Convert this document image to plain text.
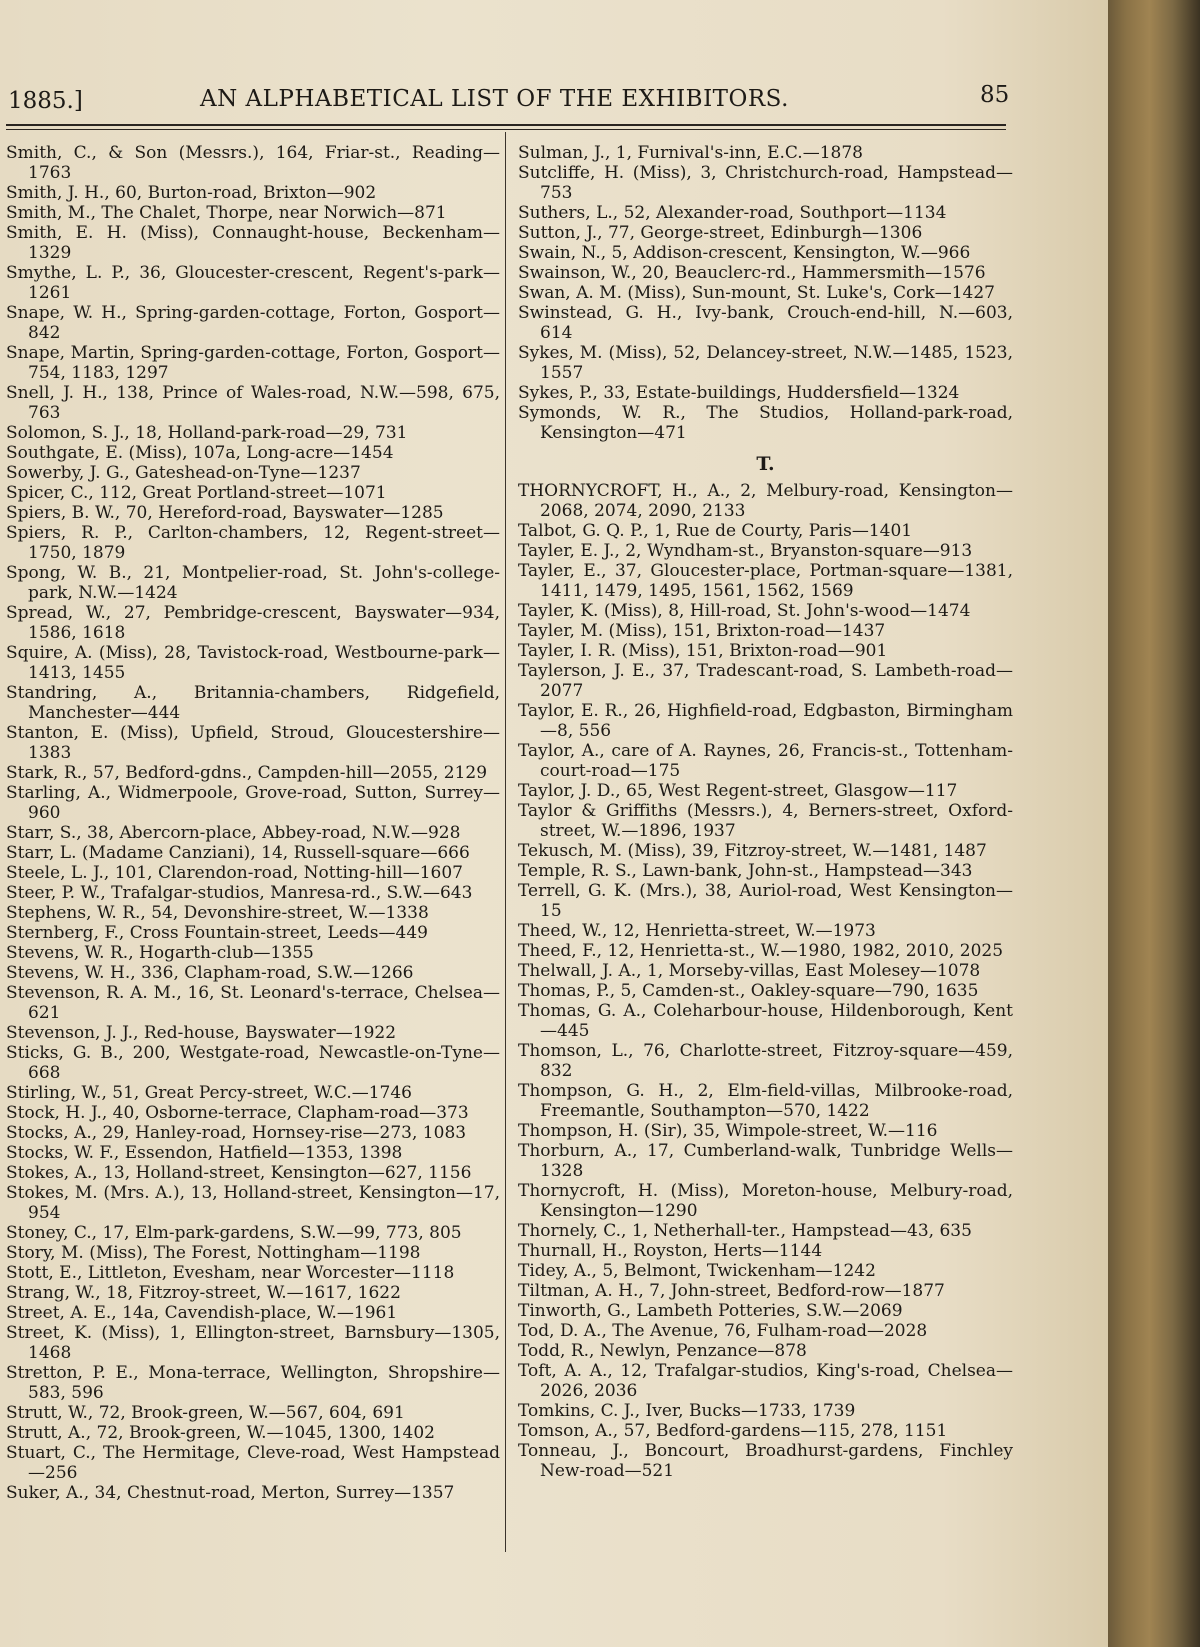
1885.]	AN ALPHABETICAL LIST OF THE EXHIBITORS.	85
Smith, C., & Son (Messrs.), 164, Friar-st., Reading—1763
Smith, J. H., 60, Burton-road, Brixton—902
Smith, M., The Chalet, Thorpe, near Norwich—871
Smith, E. H. (Miss), Connaught-house, Beckenham—1329
Smythe, L. P., 36, Gloucester-crescent, Regent's-park—1261
Snape, W. H., Spring-garden-cottage, Forton, Gosport—842
Snape, Martin, Spring-garden-cottage, Forton, Gosport—754, 1183, 1297
Snell, J. H., 138, Prince of Wales-road, N.W.—598, 675, 763
Solomon, S. J., 18, Holland-park-road—29, 731
Southgate, E. (Miss), 107a, Long-acre—1454
Sowerby, J. G., Gateshead-on-Tyne—1237
Spicer, C., 112, Great Portland-street—1071
Spiers, B. W., 70, Hereford-road, Bayswater—1285
Spiers, R. P., Carlton-chambers, 12, Regent-street—1750, 1879
Spong, W. B., 21, Montpelier-road, St. John's-college-park, N.W.—1424
Spread, W., 27, Pembridge-crescent, Bayswater—934, 1586, 1618
Squire, A. (Miss), 28, Tavistock-road, Westbourne-park—1413, 1455
Standring, A., Britannia-chambers, Ridgefield, Manchester—444
Stanton, E. (Miss), Upfield, Stroud, Gloucestershire—1383
Stark, R., 57, Bedford-gdns., Campden-hill—2055, 2129
Starling, A., Widmerpoole, Grove-road, Sutton, Surrey—960
Starr, S., 38, Abercorn-place, Abbey-road, N.W.—928
Starr, L. (Madame Canziani), 14, Russell-square—666
Steele, L. J., 101, Clarendon-road, Notting-hill—1607
Steer, P. W., Trafalgar-studios, Manresa-rd., S.W.—643
Stephens, W. R., 54, Devonshire-street, W.—1338
Sternberg, F., Cross Fountain-street, Leeds—449
Stevens, W. R., Hogarth-club—1355
Stevens, W. H., 336, Clapham-road, S.W.—1266
Stevenson, R. A. M., 16, St. Leonard's-terrace, Chelsea—621
Stevenson, J. J., Red-house, Bayswater—1922
Sticks, G. B., 200, Westgate-road, Newcastle-on-Tyne—668
Stirling, W., 51, Great Percy-street, W.C.—1746
Stock, H. J., 40, Osborne-terrace, Clapham-road—373
Stocks, A., 29, Hanley-road, Hornsey-rise—273, 1083
Stocks, W. F., Essendon, Hatfield—1353, 1398
Stokes, A., 13, Holland-street, Kensington—627, 1156
Stokes, M. (Mrs. A.), 13, Holland-street, Kensington—17, 954
Stoney, C., 17, Elm-park-gardens, S.W.—99, 773, 805
Story, M. (Miss), The Forest, Nottingham—1198
Stott, E., Littleton, Evesham, near Worcester—1118
Strang, W., 18, Fitzroy-street, W.—1617, 1622
Street, A. E., 14a, Cavendish-place, W.—1961
Street, K. (Miss), 1, Ellington-street, Barnsbury—1305, 1468
Stretton, P. E., Mona-terrace, Wellington, Shropshire—583, 596
Strutt, W., 72, Brook-green, W.—567, 604, 691
Strutt, A., 72, Brook-green, W.—1045, 1300, 1402
Stuart, C., The Hermitage, Cleve-road, West Hampstead—256
Suker, A., 34, Chestnut-road, Merton, Surrey—1357
Sulman, J., 1, Furnival's-inn, E.C.—1878
Sutcliffe, H. (Miss), 3, Christchurch-road, Hampstead—753
Suthers, L., 52, Alexander-road, Southport—1134
Sutton, J., 77, George-street, Edinburgh—1306
Swain, N., 5, Addison-crescent, Kensington, W.—966
Swainson, W., 20, Beauclerc-rd., Hammersmith—1576
Swan, A. M. (Miss), Sun-mount, St. Luke's, Cork—1427
Swinstead, G. H., Ivy-bank, Crouch-end-hill, N.—603, 614
Sykes, M. (Miss), 52, Delancey-street, N.W.—1485, 1523, 1557
Sykes, P., 33, Estate-buildings, Huddersfield—1324
Symonds, W. R., The Studios, Holland-park-road, Kensington—471
T.
THORNYCROFT, H., A., 2, Melbury-road, Kensington—2068, 2074, 2090, 2133
Talbot, G. Q. P., 1, Rue de Courty, Paris—1401
Tayler, E. J., 2, Wyndham-st., Bryanston-square—913
Tayler, E., 37, Gloucester-place, Portman-square—1381, 1411, 1479, 1495, 1561, 1562, 1569
Tayler, K. (Miss), 8, Hill-road, St. John's-wood—1474
Tayler, M. (Miss), 151, Brixton-road—1437
Tayler, I. R. (Miss), 151, Brixton-road—901
Taylerson, J. E., 37, Tradescant-road, S. Lambeth-road—2077
Taylor, E. R., 26, Highfield-road, Edgbaston, Birmingham—8, 556
Taylor, A., care of A. Raynes, 26, Francis-st., Tottenham-court-road—175
Taylor, J. D., 65, West Regent-street, Glasgow—117
Taylor & Griffiths (Messrs.), 4, Berners-street, Oxford-street, W.—1896, 1937
Tekusch, M. (Miss), 39, Fitzroy-street, W.—1481, 1487
Temple, R. S., Lawn-bank, John-st., Hampstead—343
Terrell, G. K. (Mrs.), 38, Auriol-road, West Kensington—15
Theed, W., 12, Henrietta-street, W.—1973
Theed, F., 12, Henrietta-st., W.—1980, 1982, 2010, 2025
Thelwall, J. A., 1, Morseby-villas, East Molesey—1078
Thomas, P., 5, Camden-st., Oakley-square—790, 1635
Thomas, G. A., Coleharbour-house, Hildenborough, Kent—445
Thomson, L., 76, Charlotte-street, Fitzroy-square—459, 832
Thompson, G. H., 2, Elm-field-villas, Milbrooke-road, Freemantle, Southampton—570, 1422
Thompson, H. (Sir), 35, Wimpole-street, W.—116
Thorburn, A., 17, Cumberland-walk, Tunbridge Wells—1328
Thornycroft, H. (Miss), Moreton-house, Melbury-road, Kensington—1290
Thornely, C., 1, Netherhall-ter., Hampstead—43, 635
Thurnall, H., Royston, Herts—1144
Tidey, A., 5, Belmont, Twickenham—1242
Tiltman, A. H., 7, John-street, Bedford-row—1877
Tinworth, G., Lambeth Potteries, S.W.—2069
Tod, D. A., The Avenue, 76, Fulham-road—2028
Todd, R., Newlyn, Penzance—878
Toft, A. A., 12, Trafalgar-studios, King's-road, Chelsea—2026, 2036
Tomkins, C. J., Iver, Bucks—1733, 1739
Tomson, A., 57, Bedford-gardens—115, 278, 1151
Tonneau, J., Boncourt, Broadhurst-gardens, Finchley New-road—521
